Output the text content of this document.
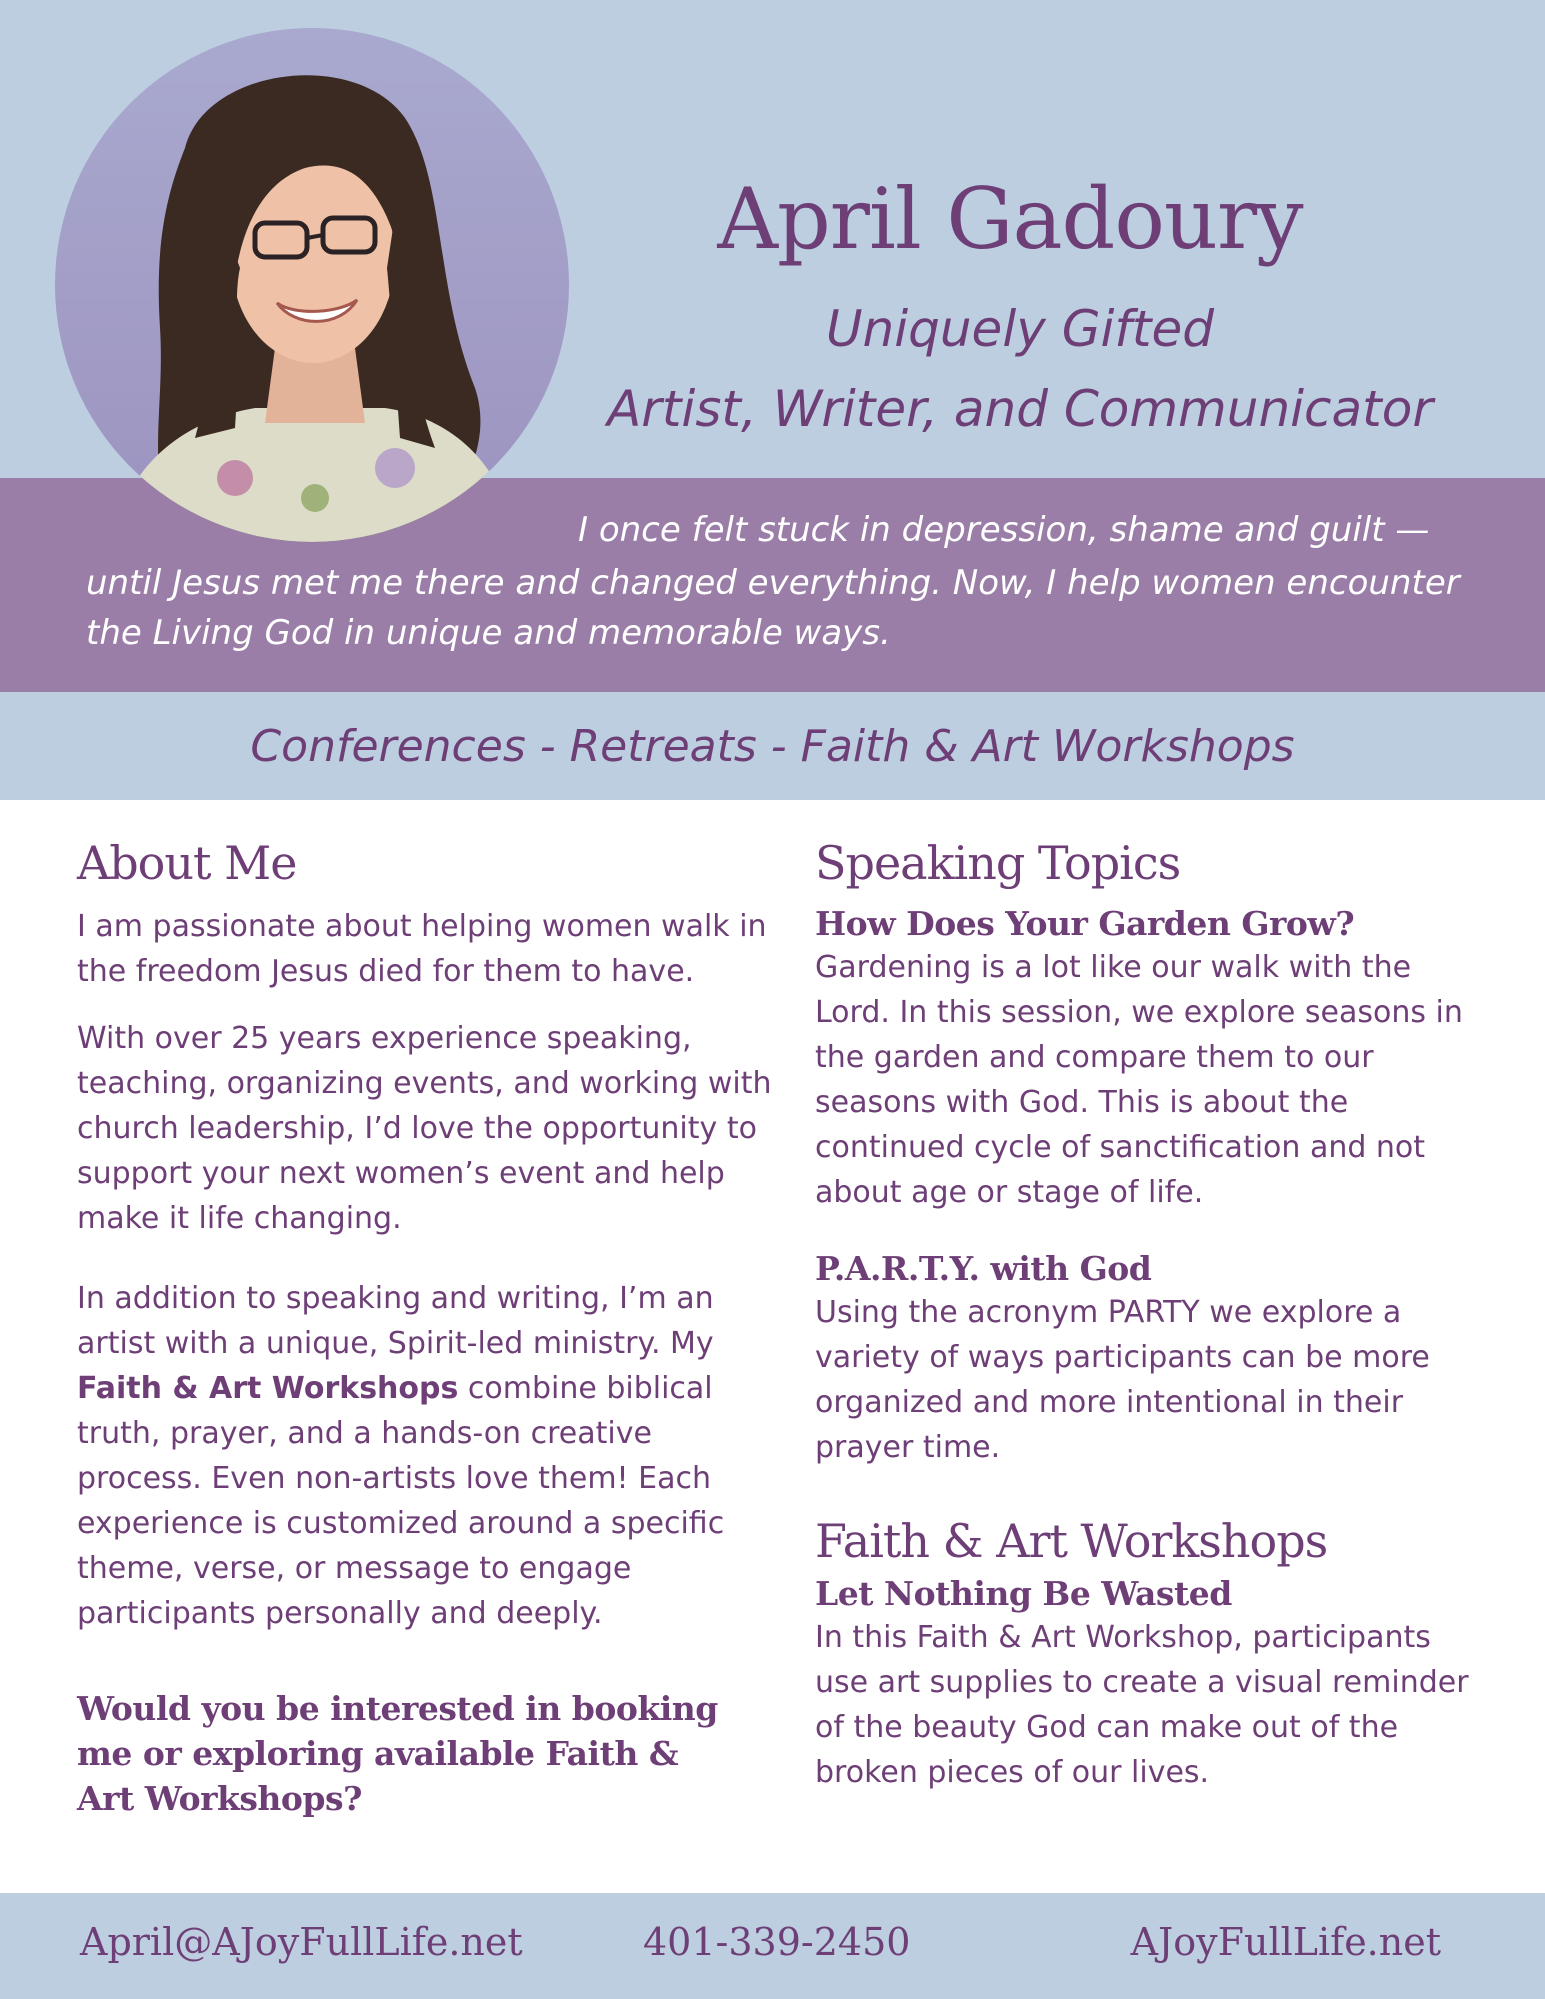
April Gadoury
Uniquely Gifted
Artist, Writer, and Communicator
I once felt stuck in depression, shame and guilt —
until Jesus met me there and changed everything. Now, I help women encounter
the Living God in unique and memorable ways.
Conferences - Retreats - Faith & Art Workshops
About Me
I am passionate about helping women walk in the freedom Jesus died for them to have.
With over 25 years experience speaking, teaching, organizing events, and working with church leadership, I’d love the opportunity to support your next women’s event and help make it life changing.
In addition to speaking and writing, I’m an artist with a unique, Spirit-led ministry. My Faith & Art Workshops combine biblical truth, prayer, and a hands-on creative process. Even non-artists love them! Each experience is customized around a specific theme, verse, or message to engage participants personally and deeply.
Would you be interested in booking me or exploring available Faith & Art Workshops?
Speaking Topics
How Does Your Garden Grow?
Gardening is a lot like our walk with the Lord. In this session, we explore seasons in the garden and compare them to our seasons with God. This is about the continued cycle of sanctification and not about age or stage of life.
P.A.R.T.Y. with God
Using the acronym PARTY we explore a variety of ways participants can be more organized and more intentional in their prayer time.
Faith & Art Workshops
Let Nothing Be Wasted
In this Faith & Art Workshop, participants use art supplies to create a visual reminder of the beauty God can make out of the broken pieces of our lives.
April@AJoyFullLife.net	401-339-2450	AJoyFullLife.net
